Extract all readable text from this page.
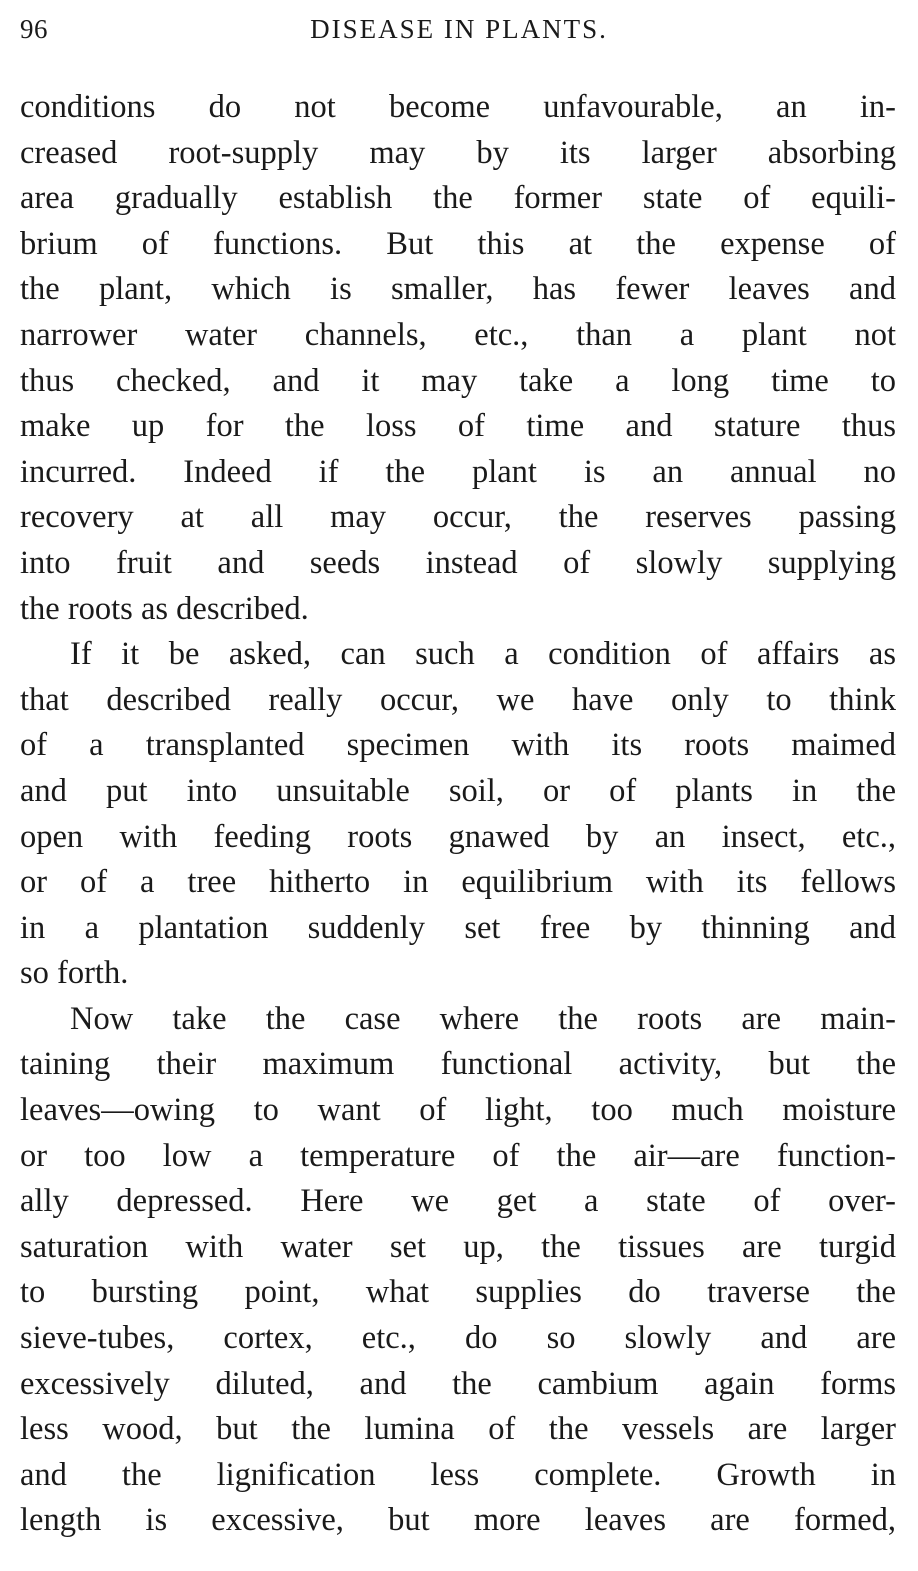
96	DISEASE IN PLANTS.
conditions do not become unfavourable, an in-
creased root-supply may by its larger absorbing
area gradually establish the former state of equili-
brium of functions. But this at the expense of
the plant, which is smaller, has fewer leaves and
narrower water channels, etc., than a plant not
thus checked, and it may take a long time to
make up for the loss of time and stature thus
incurred. Indeed if the plant is an annual no
recovery at all may occur, the reserves passing
into fruit and seeds instead of slowly supplying
the roots as described.
If it be asked, can such a condition of affairs as
that described really occur, we have only to think
of a transplanted specimen with its roots maimed
and put into unsuitable soil, or of plants in the
open with feeding roots gnawed by an insect, etc.,
or of a tree hitherto in equilibrium with its fellows
in a plantation suddenly set free by thinning and
so forth.
Now take the case where the roots are main-
taining their maximum functional activity, but the
leaves—owing to want of light, too much moisture
or too low a temperature of the air—are function-
ally depressed. Here we get a state of over-
saturation with water set up, the tissues are turgid
to bursting point, what supplies do traverse the
sieve-tubes, cortex, etc., do so slowly and are
excessively diluted, and the cambium again forms
less wood, but the lumina of the vessels are larger
and the lignification less complete. Growth in
length is excessive, but more leaves are formed,
